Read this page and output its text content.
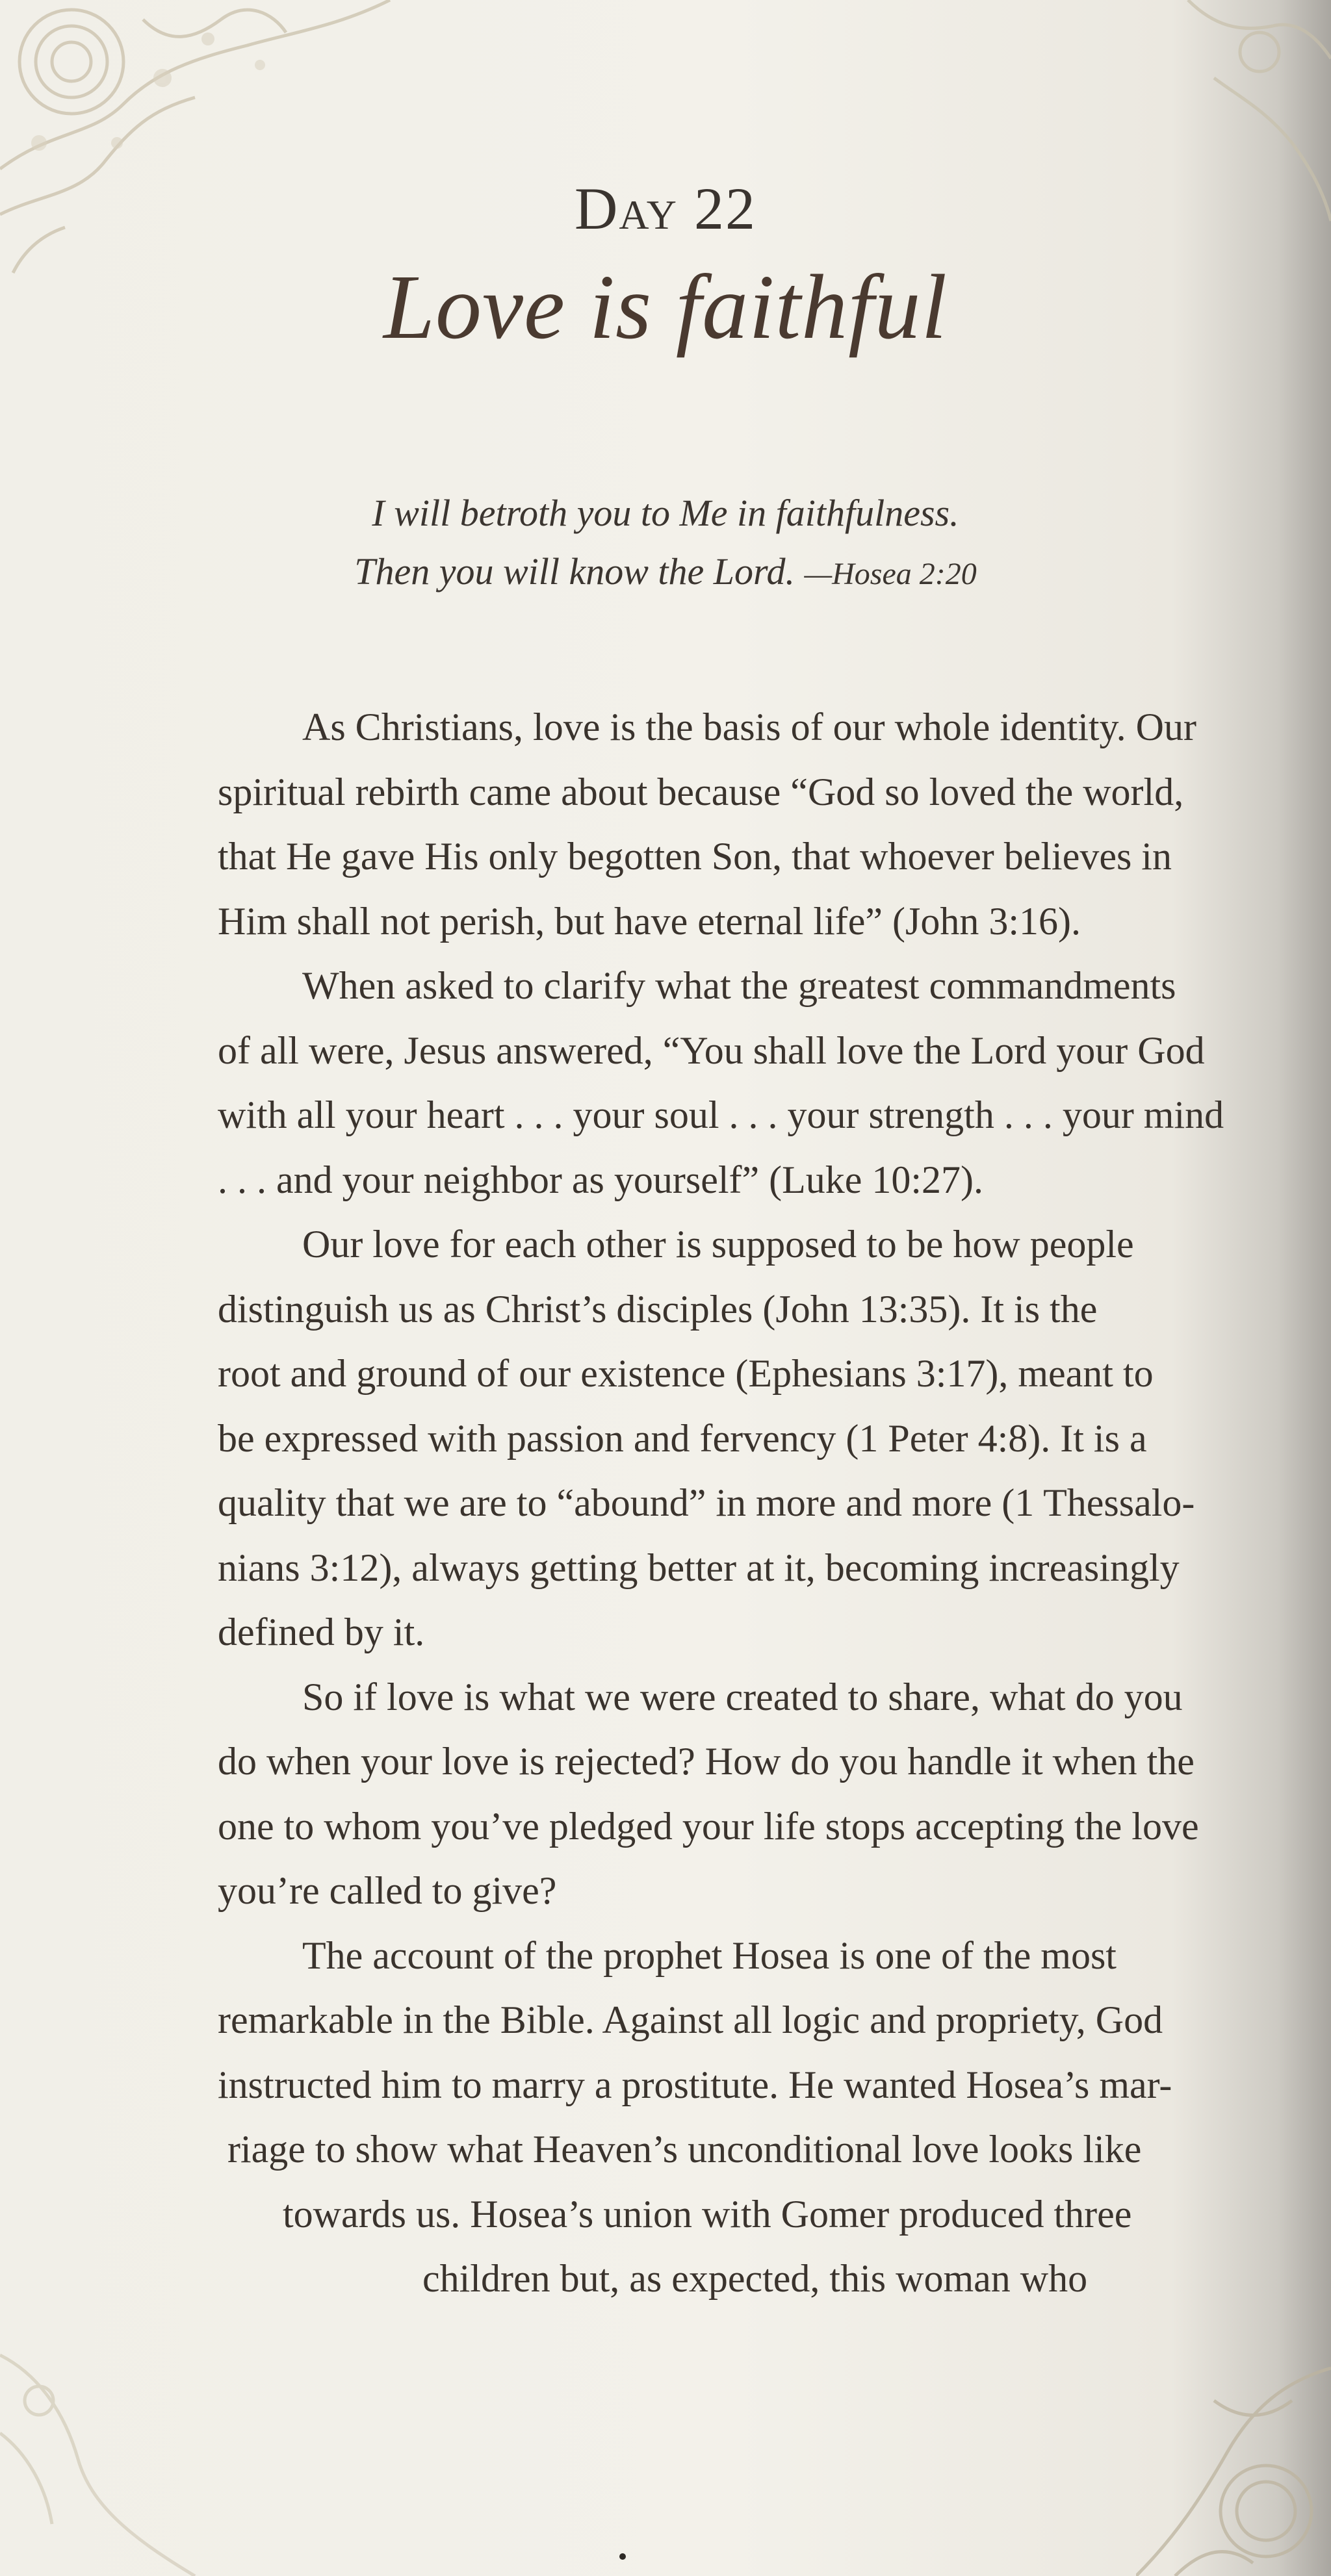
Day 22
Love is faithful
I will betroth you to Me in faithfulness.
Then you will know the Lord. —Hosea 2:20
As Christians, love is the basis of our whole identity. Our
spiritual rebirth came about because “God so loved the world,
that He gave His only begotten Son, that whoever believes in
Him shall not perish, but have eternal life” (John 3:16).
When asked to clarify what the greatest commandments
of all were, Jesus answered, “You shall love the Lord your God
with all your heart . . . your soul . . . your strength . . . your mind
. . . and your neighbor as yourself” (Luke 10:27).
Our love for each other is supposed to be how people
distinguish us as Christ’s disciples (John 13:35). It is the
root and ground of our existence (Ephesians 3:17), meant to
be expressed with passion and fervency (1 Peter 4:8). It is a
quality that we are to “abound” in more and more (1 Thessalo-
nians 3:12), always getting better at it, becoming increasingly
defined by it.
So if love is what we were created to share, what do you
do when your love is rejected? How do you handle it when the
one to whom you’ve pledged your life stops accepting the love
you’re called to give?
The account of the prophet Hosea is one of the most
remarkable in the Bible. Against all logic and propriety, God
instructed him to marry a prostitute. He wanted Hosea’s mar-
riage to show what Heaven’s unconditional love looks like
towards us. Hosea’s union with Gomer produced three
children but, as expected, this woman who
